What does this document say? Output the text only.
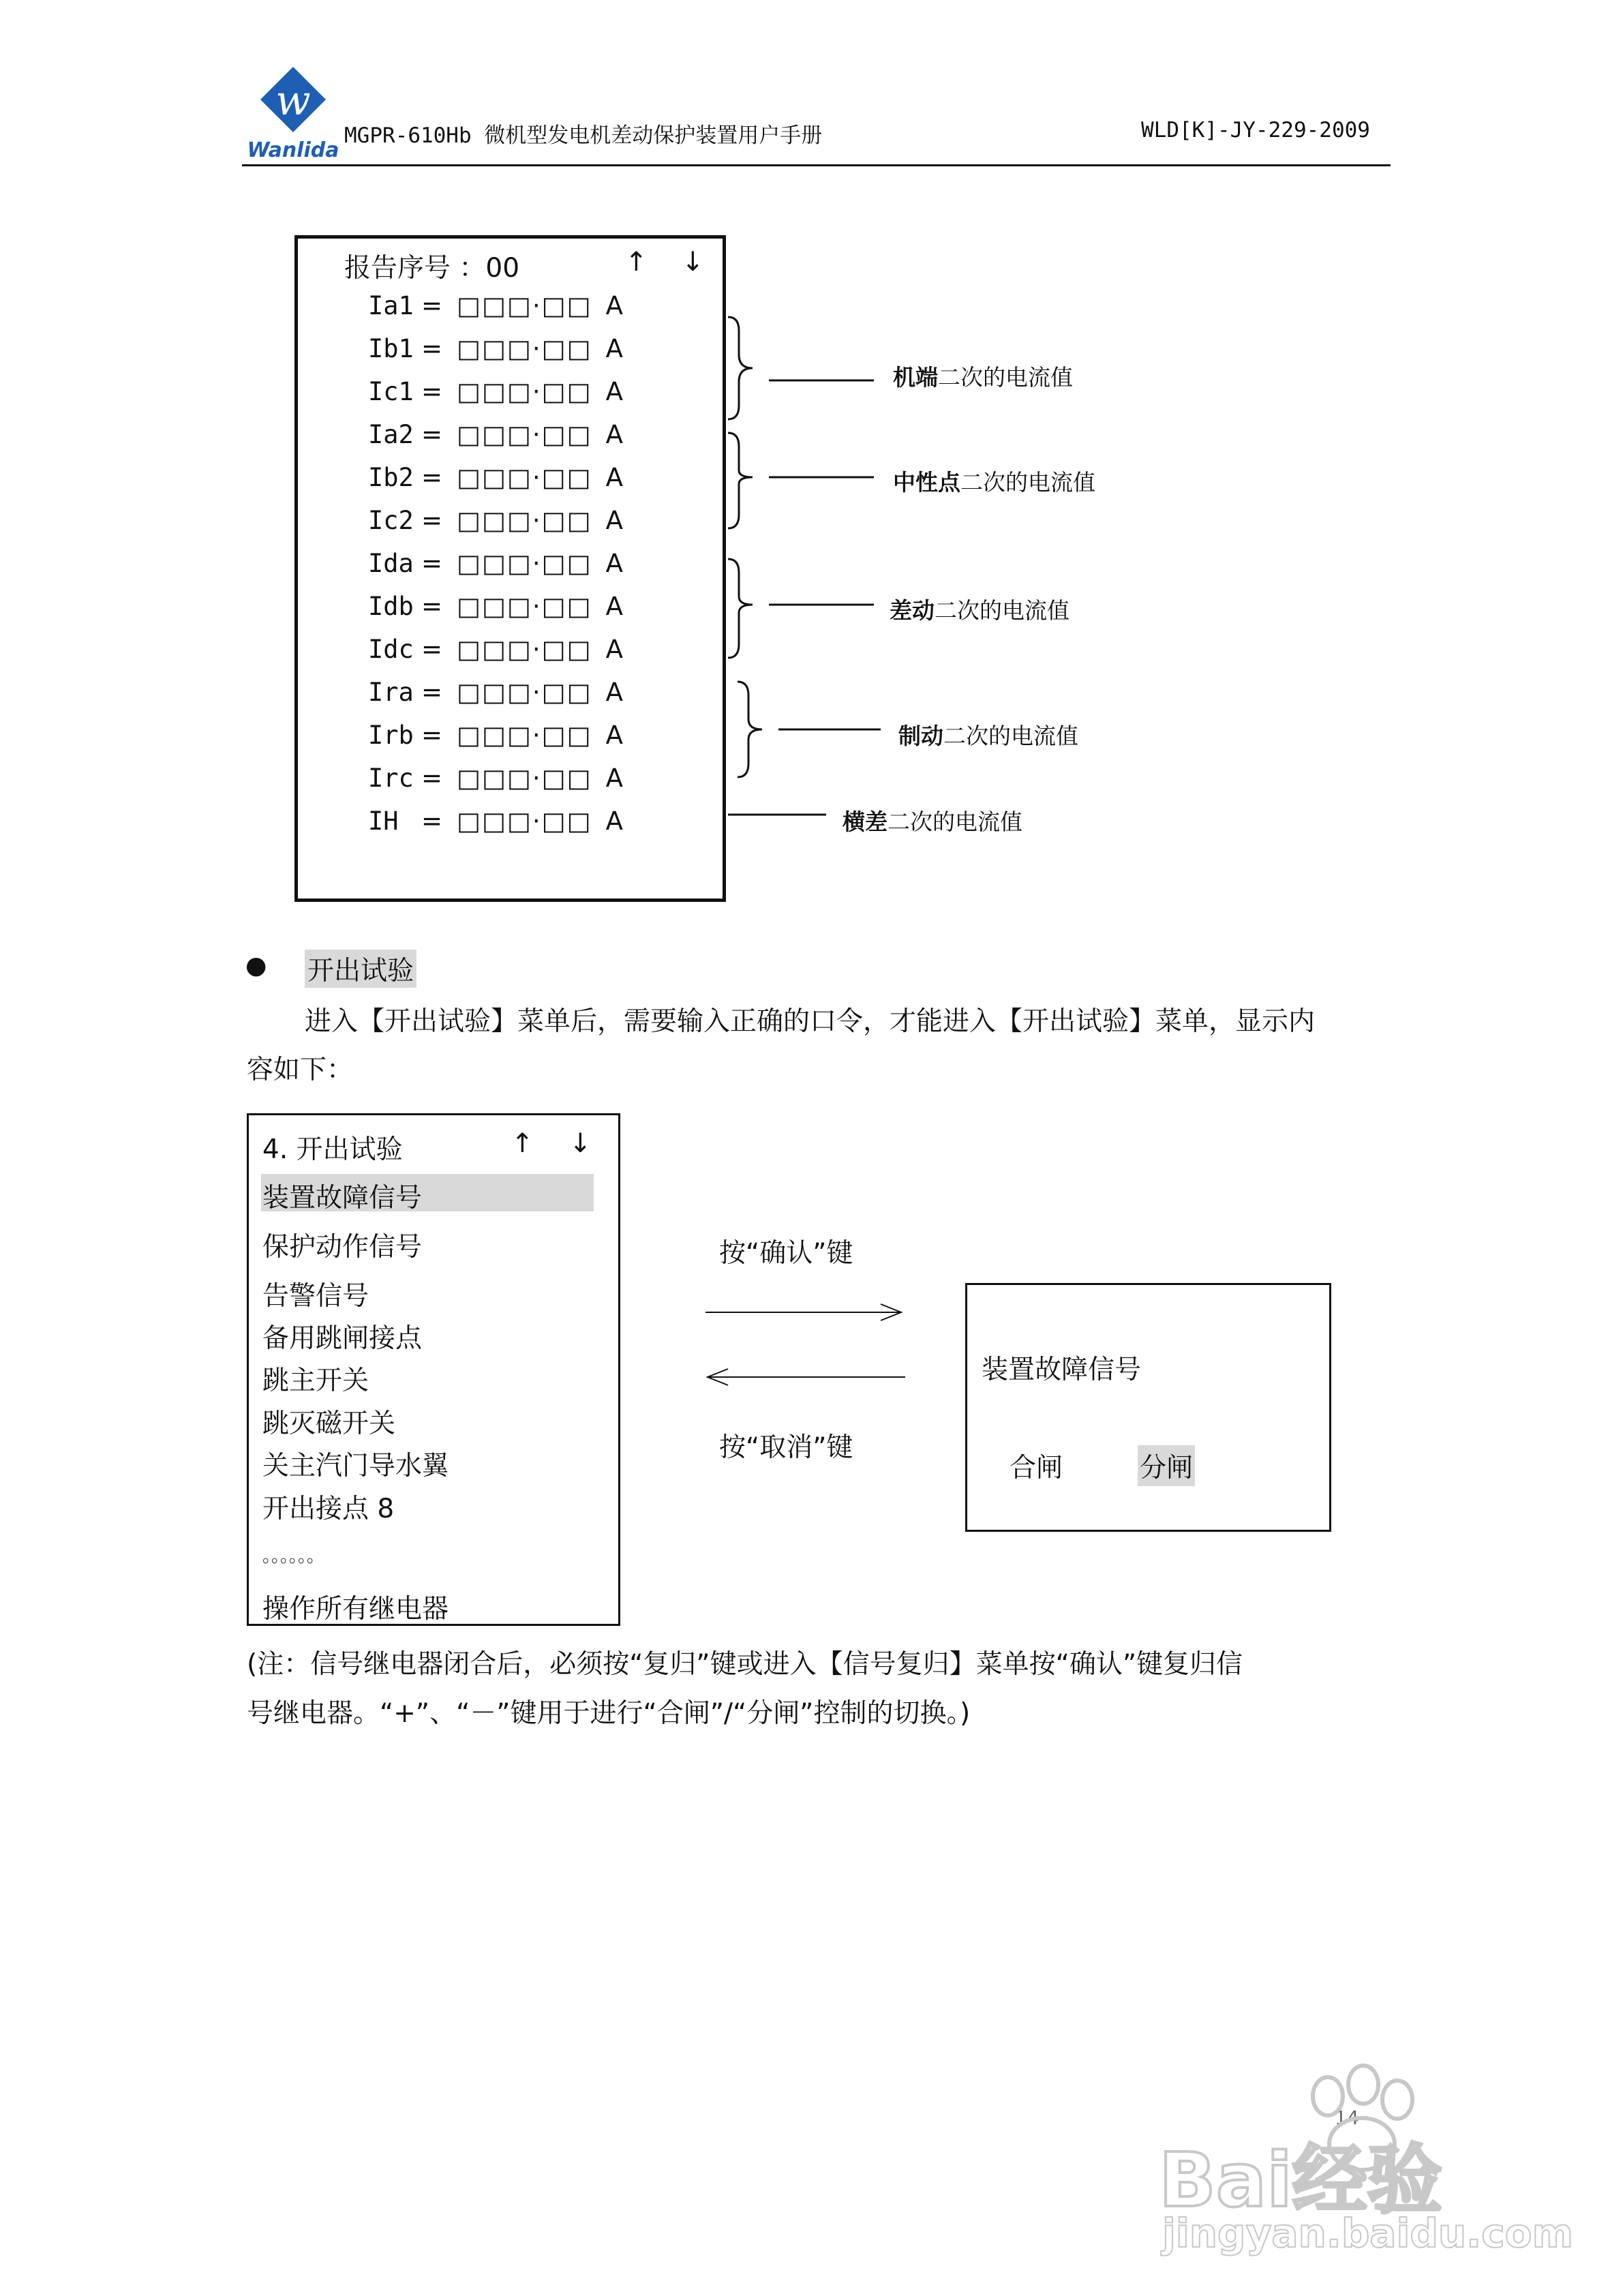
w
Wanlida
MGPR-610Hb 微机型发电机差动保护装置用户手册	WLD[K]-JY-229-2009
报告序号 ：00	↑ ↓
Ia1 = □□□·□□ A
Ib1 = □□□·□□ A
Ic1 = □□□·□□ A
Ia2 = □□□·□□ A
Ib2 = □□□·□□ A
Ic2 = □□□·□□ A
Ida = □□□·□□ A
Idb = □□□·□□ A
Idc = □□□·□□ A
Ira = □□□·□□ A
Irb = □□□·□□ A
Irc = □□□·□□ A
IH = □□□·□□ A
机端二次的电流值
中性点二次的电流值
差动二次的电流值
制动二次的电流值
横差二次的电流值
● 开出试验
进入【开出试验】菜单后，需要输入正确的口令，才能进入【开出试验】菜单，显示内
容如下：
4. 开出试验	↑ ↓
装置故障信号
保护动作信号
告警信号
备用跳闸接点
跳主开关
跳灭磁开关
关主汽门导水翼
开出接点 8
。。。。。。
操作所有继电器
按“确认”键
按“取消”键
装置故障信号
合闸	分闸
(注：信号继电器闭合后，必须按“复归”键或进入【信号复归】菜单按“确认”键复归信
号继电器。“+”、“－”键用于进行“合闸”/“分闸”控制的切换。)
14
Bai经验
jingyan.baidu.com
